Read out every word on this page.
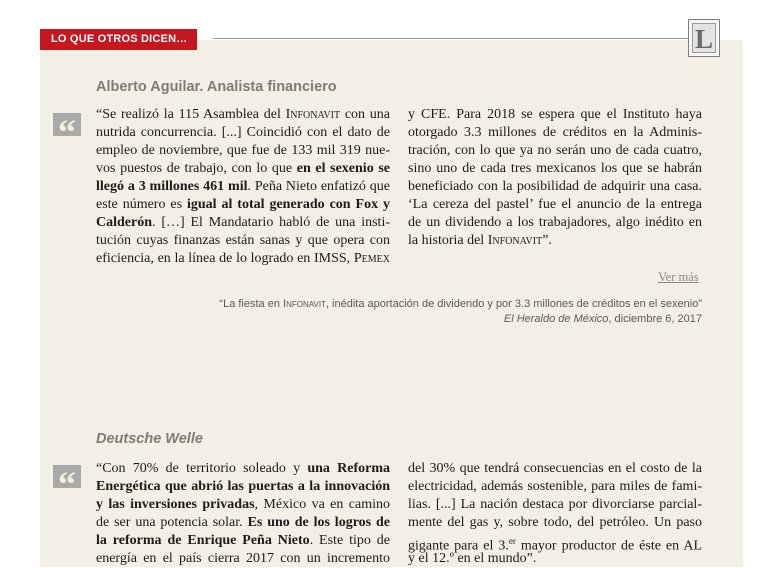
LO QUE OTROS DICEN…	L
Alberto Aguilar. Analista financiero
“	“Se realizó la 115 Asamblea del Infonavit con una
nutrida concurrencia. [...] Coincidió con el dato de
empleo de noviembre, que fue de 133 mil 319 nue-
vos puestos de trabajo, con lo que en el sexenio se
llegó a 3 millones 461 mil. Peña Nieto enfatizó que
este número es igual al total generado con Fox y
Calderón. […] El Mandatario habló de una insti-
tución cuyas finanzas están sanas y que opera con
eficiencia, en la línea de lo logrado en IMSS, Pemex
y CFE. Para 2018 se espera que el Instituto haya
otorgado 3.3 millones de créditos en la Adminis-
tración, con lo que ya no serán uno de cada cuatro,
sino uno de cada tres mexicanos los que se habrán
beneficiado con la posibilidad de adquirir una casa.
‘La cereza del pastel’ fue el anuncio de la entrega
de un dividendo a los trabajadores, algo inédito en
la historia del Infonavit”.
Ver más
“La fiesta en Infonavit, inédita aportación de dividendo y por 3.3 millones de créditos en el sexenio”
El Heraldo de México, diciembre 6, 2017
Deutsche Welle
“	“Con 70% de territorio soleado y una Reforma
Energética que abrió las puertas a la innovación
y las inversiones privadas, México va en camino
de ser una potencia solar. Es uno de los logros de
la reforma de Enrique Peña Nieto. Este tipo de
energía en el país cierra 2017 con un incremento
del 30% que tendrá consecuencias en el costo de la
electricidad, además sostenible, para miles de fami-
lias. [...] La nación destaca por divorciarse parcial-
mente del gas y, sobre todo, del petróleo. Un paso
gigante para el 3.$^{er}$ mayor productor de éste en AL
y el 12.º en el mundo”.
